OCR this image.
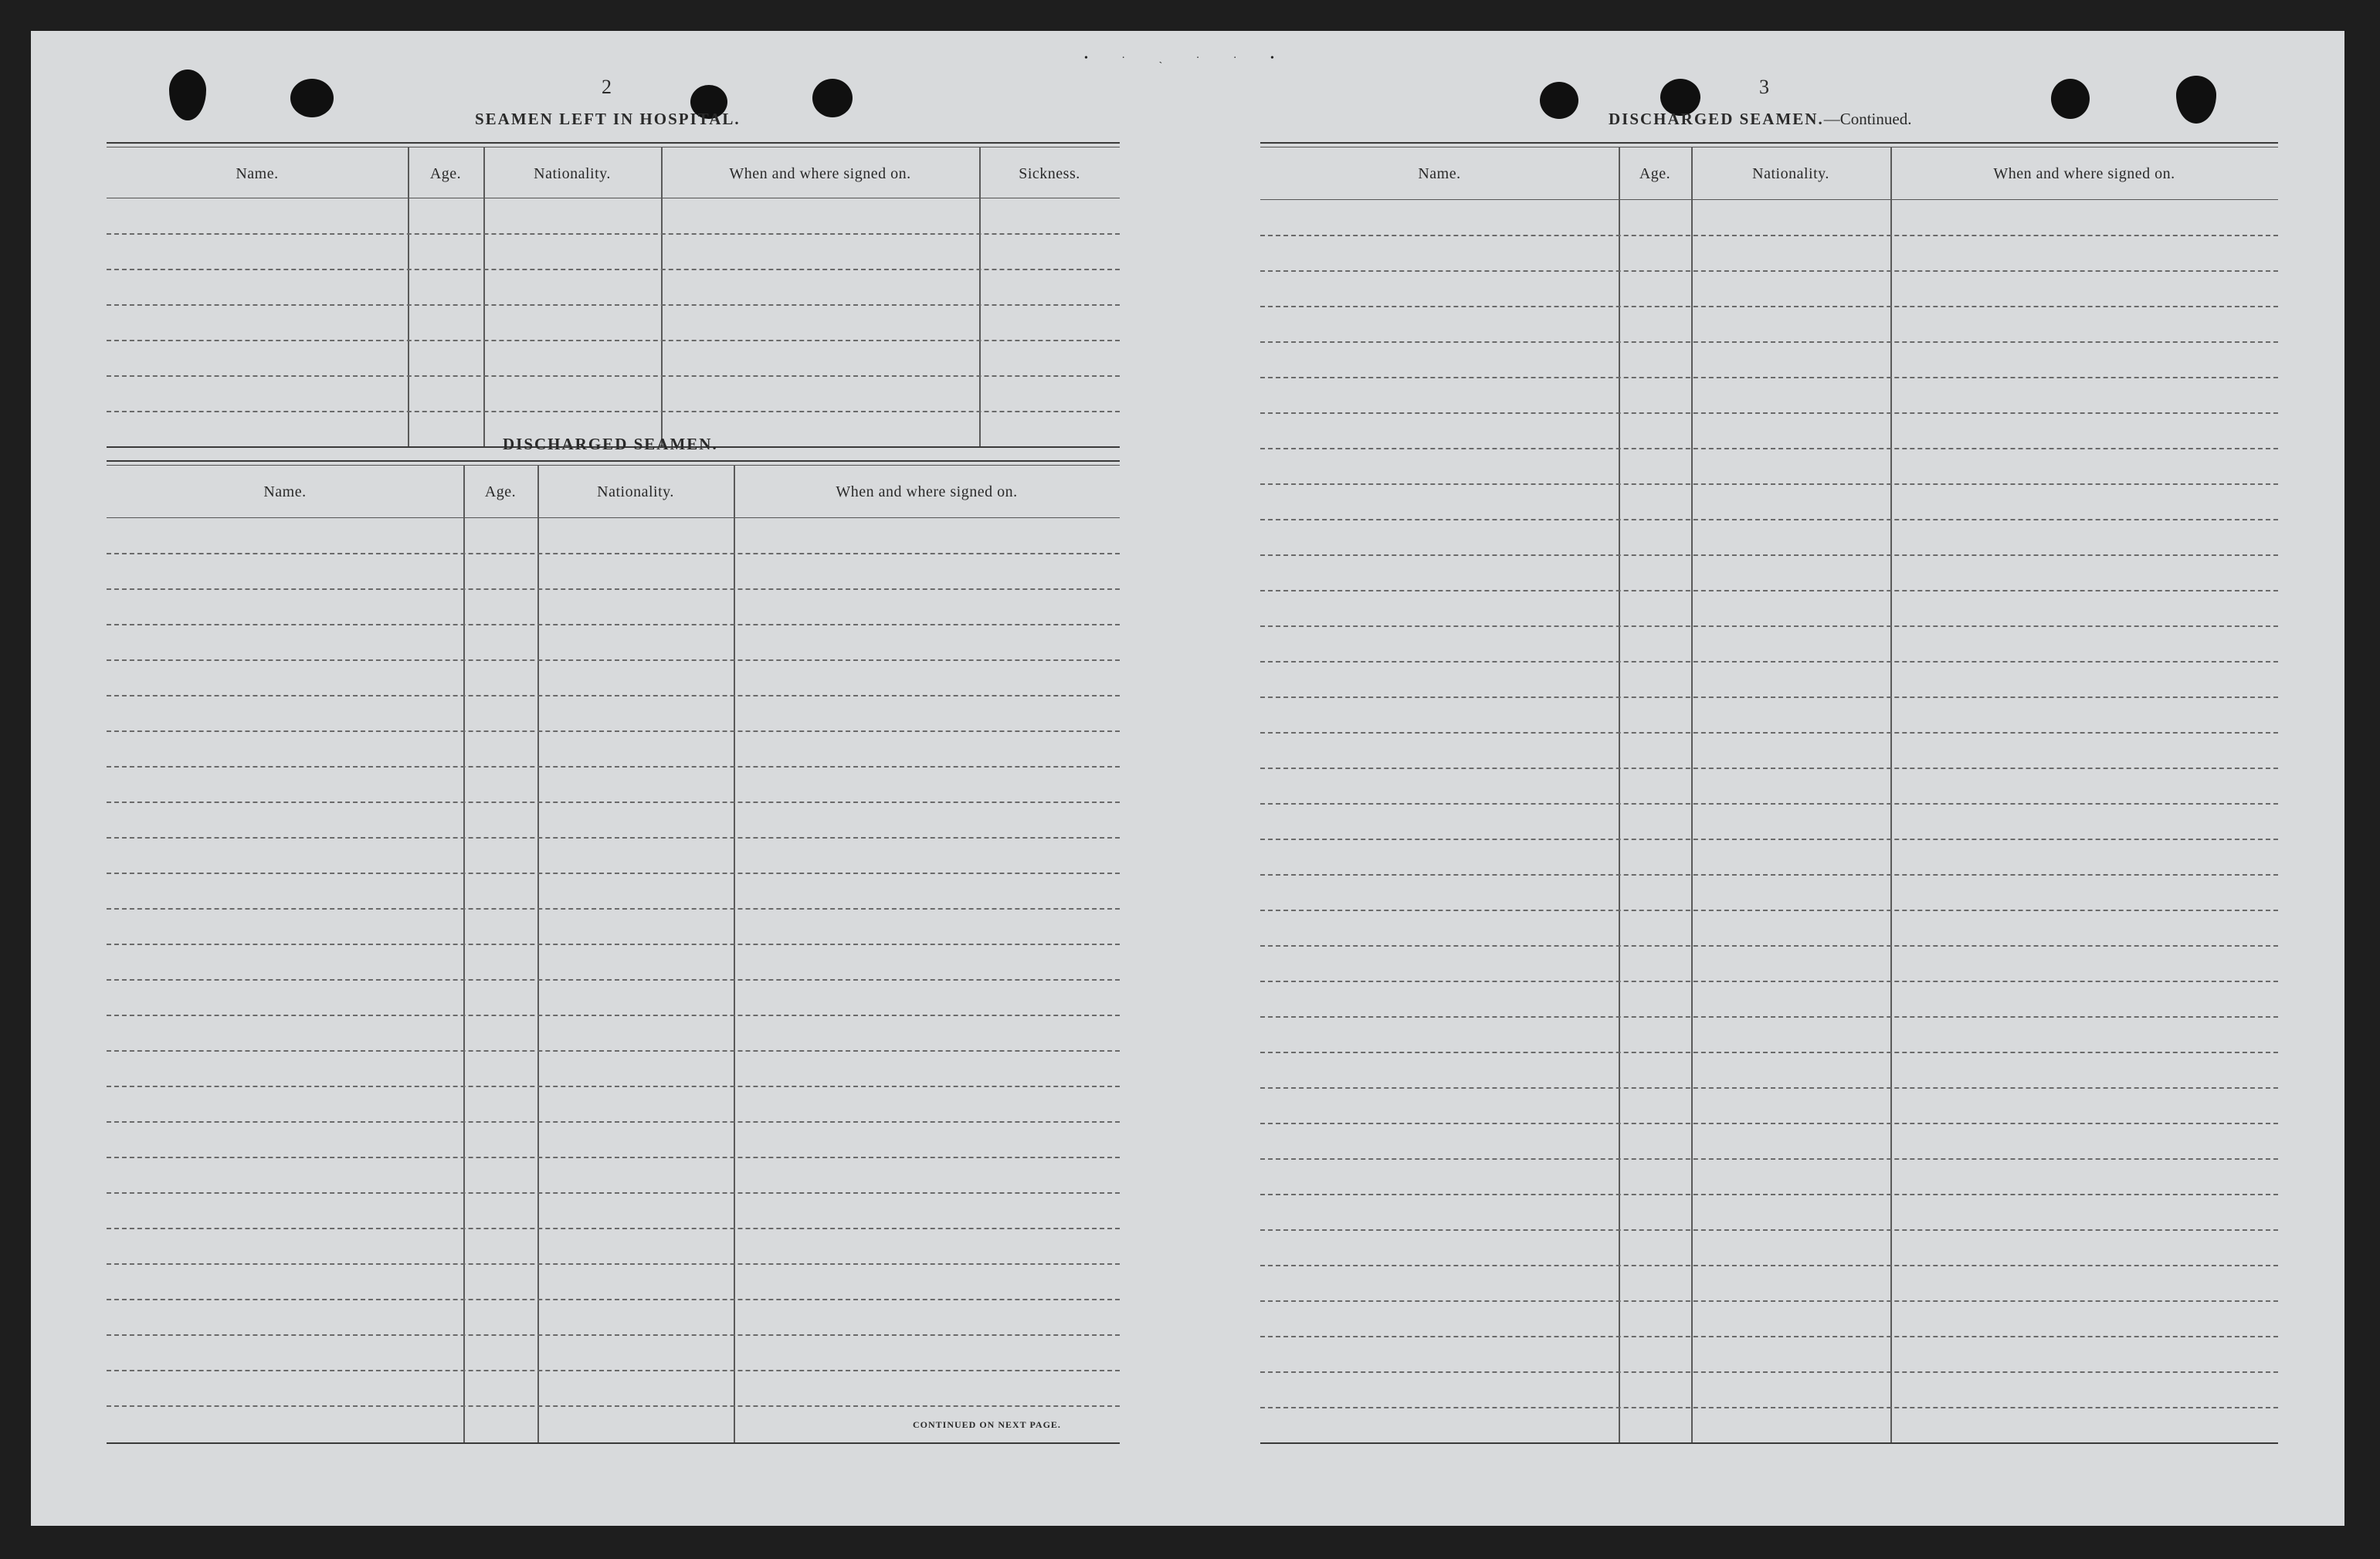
• · ˎ · · •
2
SEAMEN LEFT IN HOSPITAL.
Name.	Age.	Nationality.	When and where signed on.	Sickness.
DISCHARGED SEAMEN.
Name.	Age.	Nationality.	When and where signed on.
CONTINUED ON NEXT PAGE.
3
DISCHARGED SEAMEN.—Continued.
Name.	Age.	Nationality.	When and where signed on.
